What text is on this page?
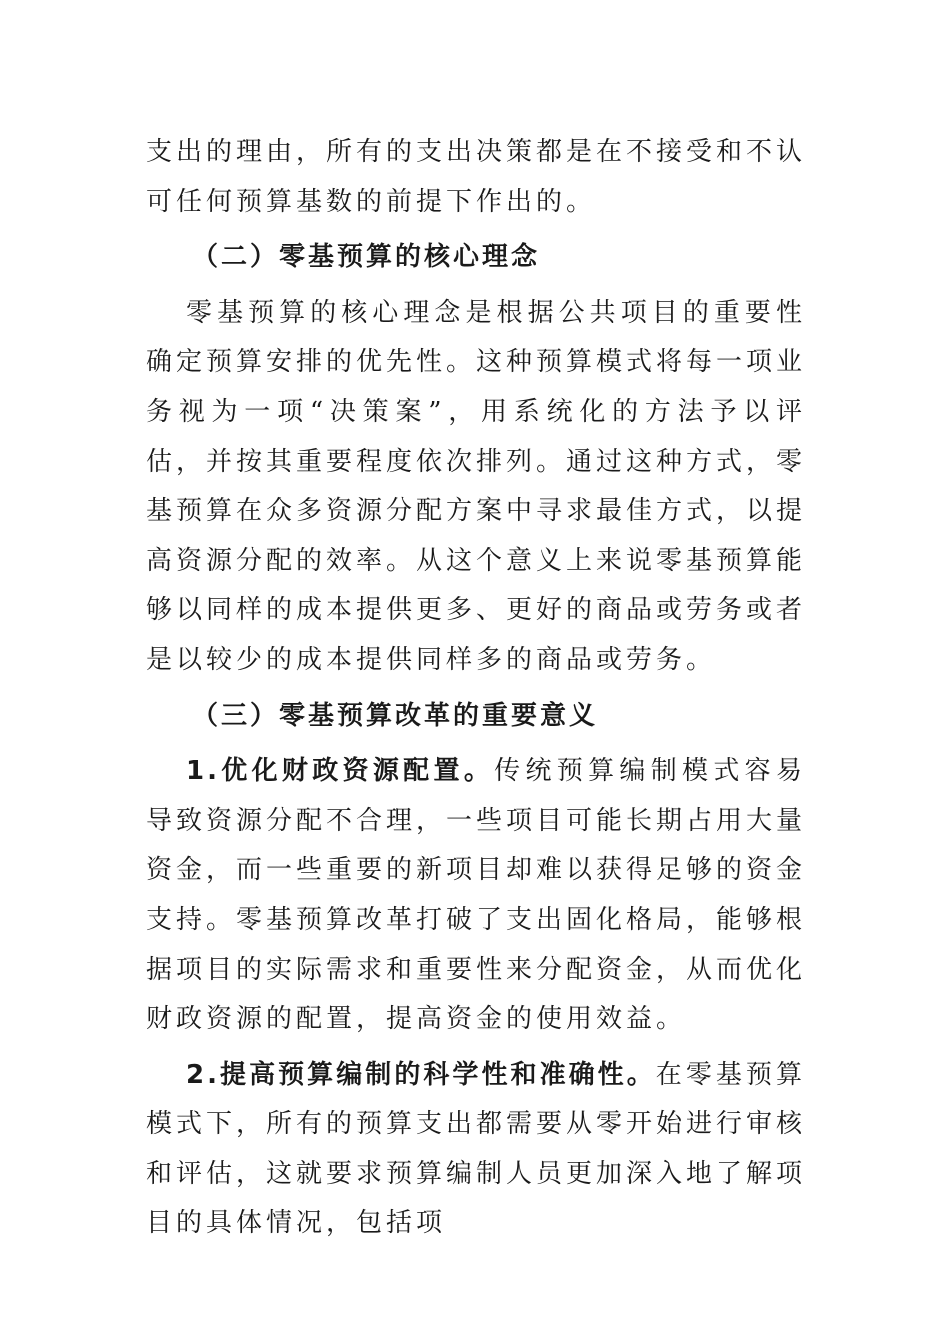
支出的理由，所有的支出决策都是在不接受和不认可任何预算基数的前提下作出的。

（二）零基预算的核心理念

零基预算的核心理念是根据公共项目的重要性确定预算安排的优先性。这种预算模式将每一项业务视为一项“决策案”，用系统化的方法予以评估，并按其重要程度依次排列。通过这种方式，零基预算在众多资源分配方案中寻求最佳方式，以提高资源分配的效率。从这个意义上来说零基预算能够以同样的成本提供更多、更好的商品或劳务或者是以较少的成本提供同样多的商品或劳务。

（三）零基预算改革的重要意义

1.优化财政资源配置。传统预算编制模式容易导致资源分配不合理，一些项目可能长期占用大量资金，而一些重要的新项目却难以获得足够的资金支持。零基预算改革打破了支出固化格局，能够根据项目的实际需求和重要性来分配资金，从而优化财政资源的配置，提高资金的使用效益。

2.提高预算编制的科学性和准确性。在零基预算模式下，所有的预算支出都需要从零开始进行审核和评估，这就要求预算编制人员更加深入地了解项目的具体情况，包括项
